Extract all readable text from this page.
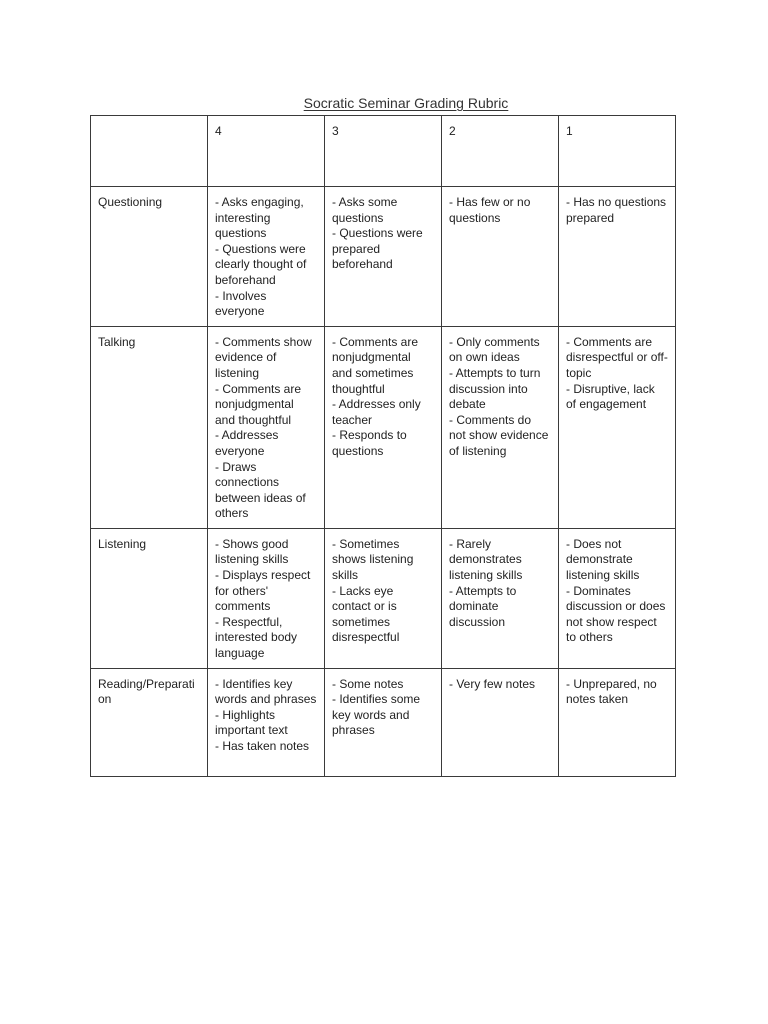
Socratic Seminar Grading Rubric

	4	3	2	1

Questioning	- Asks engaging, interesting questions
- Questions were clearly thought of beforehand
- Involves everyone	- Asks some questions
- Questions were prepared beforehand	- Has few or no questions	- Has no questions prepared

Talking	- Comments show evidence of listening
- Comments are nonjudgmental and thoughtful
- Addresses everyone
- Draws connections between ideas of others	- Comments are nonjudgmental and sometimes thoughtful
- Addresses only teacher
- Responds to questions	- Only comments on own ideas
- Attempts to turn discussion into debate
- Comments do not show evidence of listening	- Comments are disrespectful or off-topic
- Disruptive, lack of engagement

Listening	- Shows good listening skills
- Displays respect for others' comments
- Respectful, interested body language	- Sometimes shows listening skills
- Lacks eye contact or is sometimes disrespectful	- Rarely demonstrates listening skills
- Attempts to dominate discussion	- Does not demonstrate listening skills
- Dominates discussion or does not show respect to others

Reading/Preparati
on	- Identifies key words and phrases
- Highlights important text
- Has taken notes	- Some notes
- Identifies some key words and phrases	- Very few notes	- Unprepared, no notes taken
